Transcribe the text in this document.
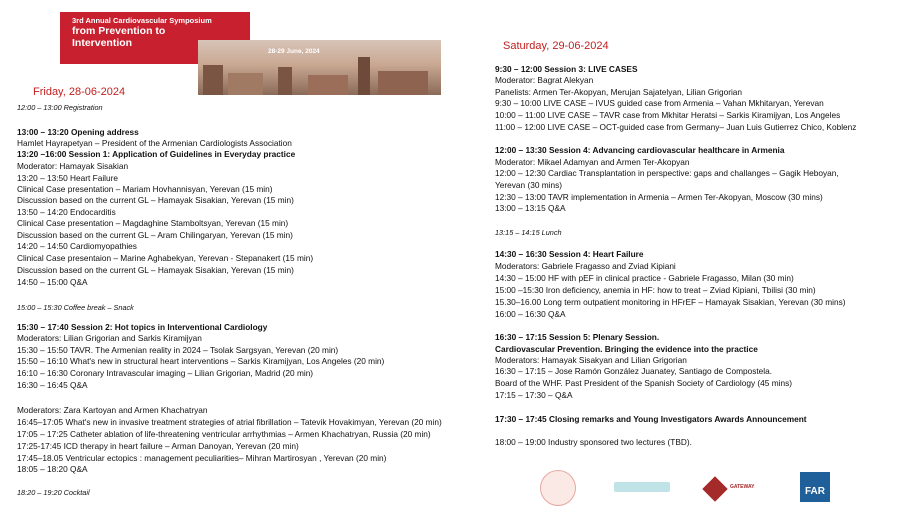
3rd Annual Cardiovascular Symposium
from Prevention to
Intervention
28-29 June, 2024
Friday, 28-06-2024
Saturday, 29-06-2024
12:00 – 13:00 Registration
13:00 – 13:20 Opening address
Hamlet Hayrapetyan – President of the Armenian Cardiologists Association
13:20 –16:00 Session 1: Application of Guidelines in Everyday practice
Moderator: Hamayak Sisakian
13:20 – 13:50 Heart Failure
Clinical Case presentation – Mariam Hovhannisyan, Yerevan (15 min)
Discussion based on the current GL – Hamayak Sisakian, Yerevan (15 min)
13:50 – 14:20 Endocarditis
Clinical Case presentation – Magdaghine Stamboltsyan, Yerevan (15 min)
Discussion based on the current GL – Aram Chilingaryan, Yerevan (15 min)
14:20 – 14:50 Cardiomyopathies
Clinical Case presentaion – Marine Aghabekyan, Yerevan - Stepanakert (15 min)
Discussion based on the current GL – Hamayak Sisakian, Yerevan (15 min)
14:50 – 15:00 Q&A
15:00 – 15:30 Coffee break – Snack
15:30 – 17:40 Session 2: Hot topics in Interventional Cardiology
Moderators: Lilian Grigorian and Sarkis Kiramijyan
15:30 – 15:50 TAVR. The Armenian reality in 2024 – Tsolak Sargsyan, Yerevan (20 min)
15:50 – 16:10 What's new in structural heart interventions – Sarkis Kiramijyan, Los Angeles (20 min)
16:10 – 16:30 Coronary Intravascular imaging – Lilian Grigorian, Madrid (20 min)
16:30 – 16:45 Q&A
Moderators: Zara Kartoyan and Armen Khachatryan
16:45–17:05 What's new in invasive treatment strategies of atrial fibrillation – Tatevik Hovakimyan, Yerevan (20 min)
17:05 – 17:25 Catheter ablation of life-threatening ventricular arrhythmias – Armen Khachatryan, Russia (20 min)
17:25-17:45 ICD therapy in heart failure – Arman Danoyan, Yerevan (20 min)
17:45–18.05 Ventricular ectopics : management peculiarities– Mihran Martirosyan , Yerevan (20 min)
18:05 – 18:20 Q&A
18:20 – 19:20 Cocktail
9:30 – 12:00 Session 3: LIVE CASES
Moderator: Bagrat Alekyan
Panelists: Armen Ter-Akopyan, Merujan Sajatelyan, Lilian Grigorian
9:30 – 10:00 LIVE CASE – IVUS guided case from Armenia – Vahan Mkhitaryan, Yerevan
10:00 – 11:00 LIVE CASE – TAVR case from Mkhitar Heratsi – Sarkis Kiramijyan, Los Angeles
11:00 – 12:00 LIVE CASE – OCT-guided case from Germany– Juan Luis Gutierrez Chico, Koblenz
12:00 – 13:30 Session 4: Advancing cardiovascular healthcare in Armenia
Moderator: Mikael Adamyan and Armen Ter-Akopyan
12:00 – 12:30 Cardiac Transplantation in perspective: gaps and challanges – Gagik Heboyan,
Yerevan (30 mins)
12:30 – 13:00 TAVR implementation in Armenia – Armen Ter-Akopyan, Moscow (30 mins)
13:00 – 13:15 Q&A
13:15 – 14:15 Lunch
14:30 – 16:30 Session 4: Heart Failure
Moderators: Gabriele Fragasso and Zviad Kipiani
14:30 – 15:00 HF with pEF in clinical practice - Gabriele Fragasso, Milan (30 min)
15:00 –15:30 Iron deficiency, anemia in HF: how to treat – Zviad Kipiani, Tbilisi (30 min)
15.30–16.00 Long term outpatient monitoring in HFrEF – Hamayak Sisakian, Yerevan (30 mins)
16:00 – 16:30 Q&A
16:30 – 17:15 Session 5: Plenary Session.
Cardiovascular Prevention. Bringing the evidence into the practice
Moderators: Hamayak Sisakyan and Lilian Grigorian
16:30 – 17:15 – Jose Ramón González Juanatey, Santiago de Compostela.
Board of the WHF. Past President of the Spanish Society of Cardiology (45 mins)
17:15 – 17:30 – Q&A
17:30 – 17:45 Closing remarks and Young Investigators Awards Announcement
18:00 – 19:00 Industry sponsored two lectures (TBD).
GATEWAY	FAR
